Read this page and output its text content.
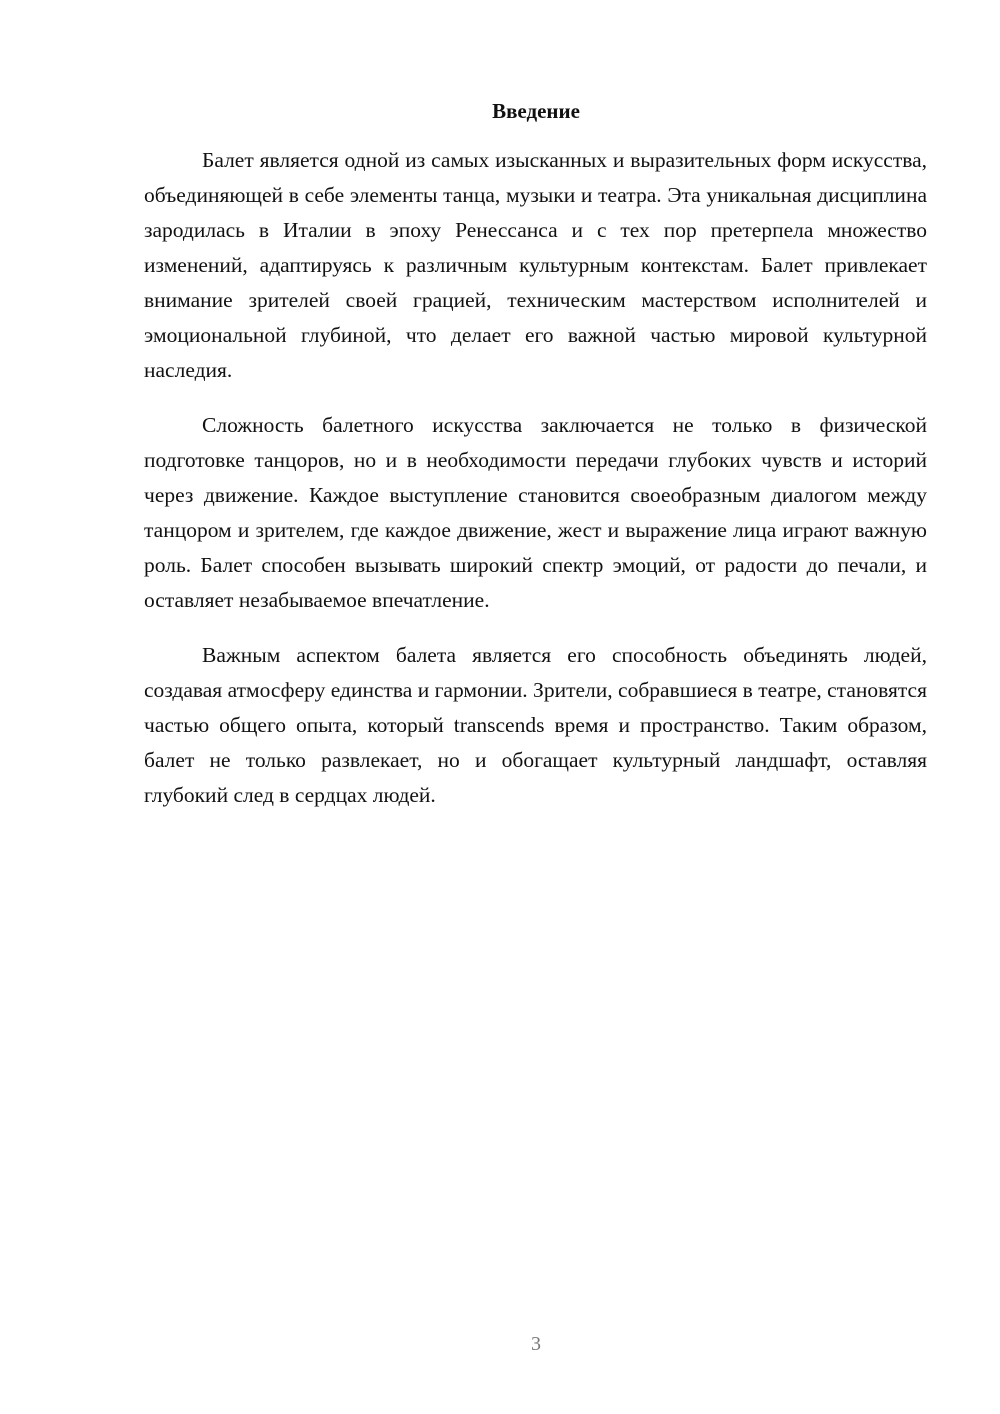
Введение

Балет является одной из самых изысканных и выразительных форм искусства, объединяющей в себе элементы танца, музыки и театра. Эта уникальная дисциплина зародилась в Италии в эпоху Ренессанса и с тех пор претерпела множество изменений, адаптируясь к различным культурным контекстам. Балет привлекает внимание зрителей своей грацией, техническим мастерством исполнителей и эмоциональной глубиной, что делает его важной частью мировой культурной наследия.

Сложность балетного искусства заключается не только в физической подготовке танцоров, но и в необходимости передачи глубоких чувств и историй через движение. Каждое выступление становится своеобразным диалогом между танцором и зрителем, где каждое движение, жест и выражение лица играют важную роль. Балет способен вызывать широкий спектр эмоций, от радости до печали, и оставляет незабываемое впечатление.

Важным аспектом балета является его способность объединять людей, создавая атмосферу единства и гармонии. Зрители, собравшиеся в театре, становятся частью общего опыта, который transcends время и пространство. Таким образом, балет не только развлекает, но и обогащает культурный ландшафт, оставляя глубокий след в сердцах людей.

3
